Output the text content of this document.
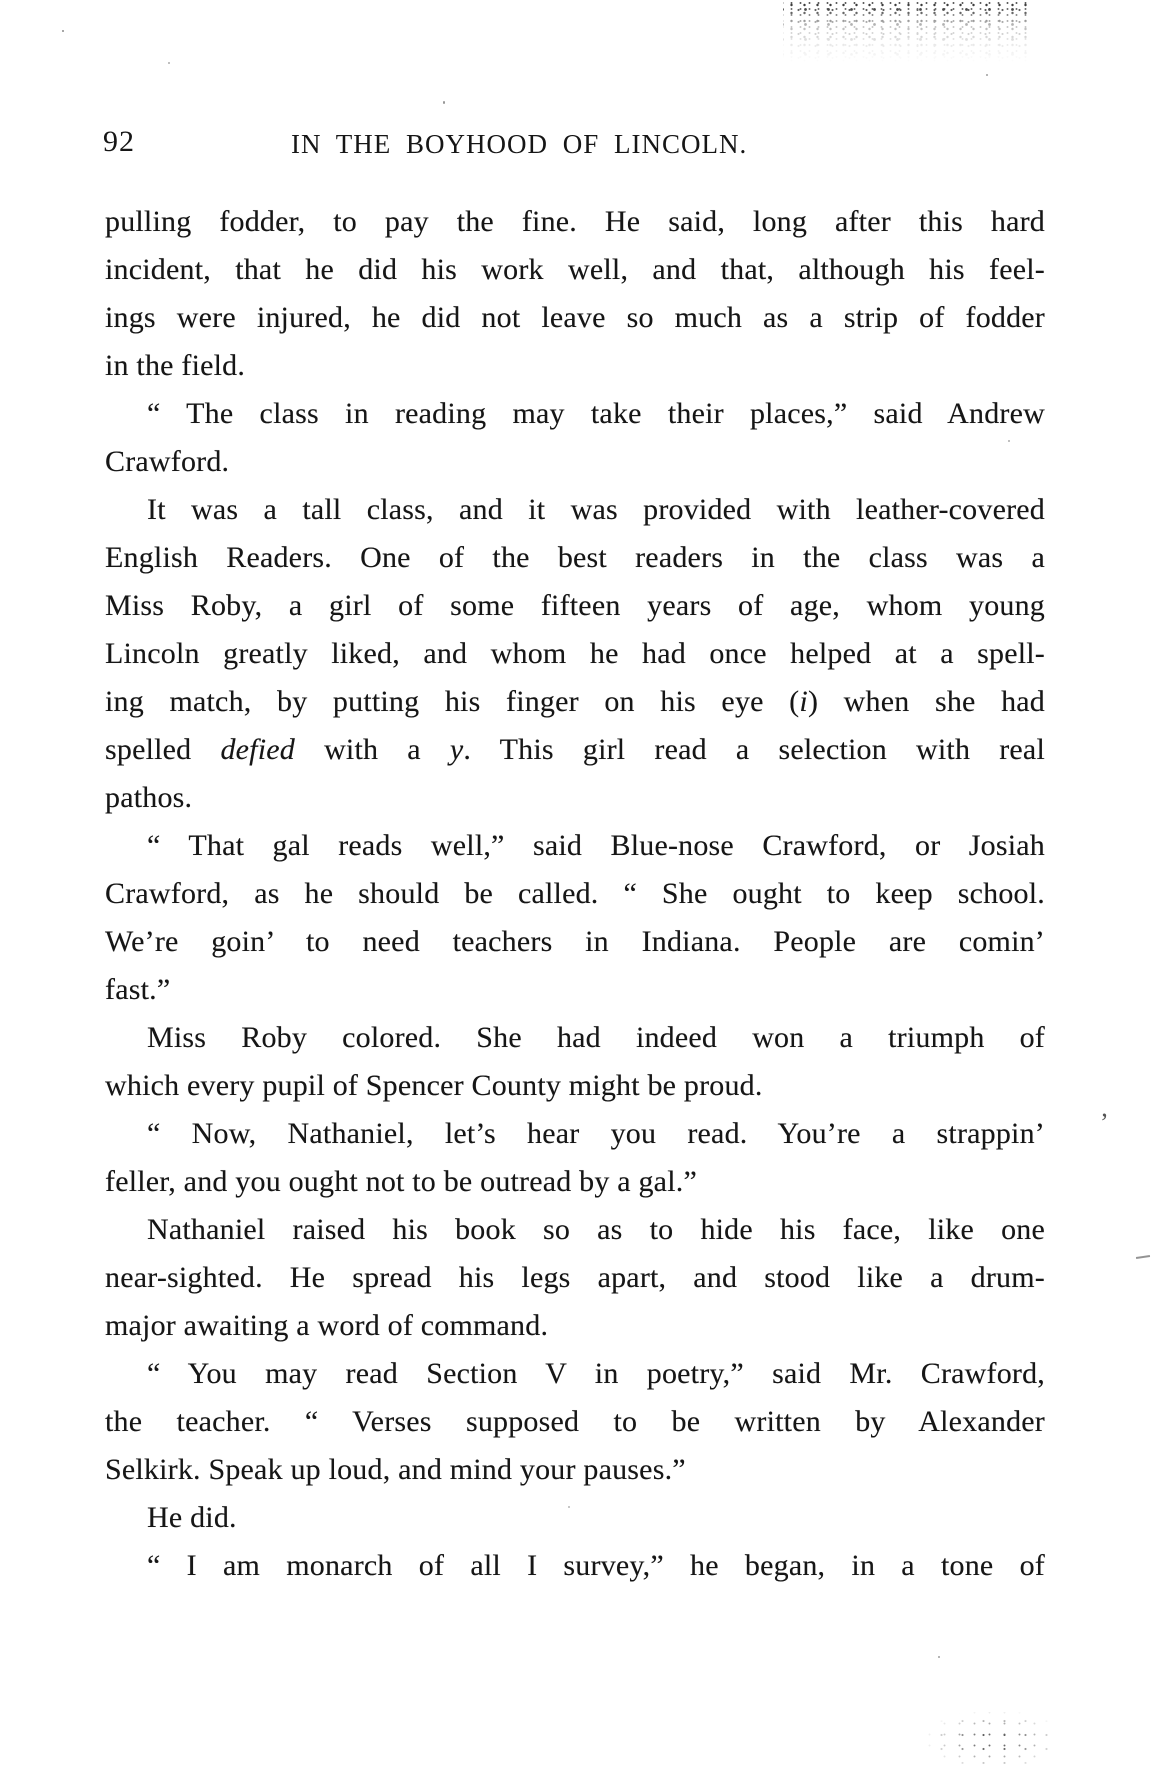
92	IN THE BOYHOOD OF LINCOLN.
pulling fodder, to pay the fine. He said, long after this hard
incident, that he did his work well, and that, although his feel-
ings were injured, he did not leave so much as a strip of fodder
in the field.
“ The class in reading may take their places,” said Andrew
Crawford.
It was a tall class, and it was provided with leather-covered
English Readers. One of the best readers in the class was a
Miss Roby, a girl of some fifteen years of age, whom young
Lincoln greatly liked, and whom he had once helped at a spell-
ing match, by putting his finger on his eye (i) when she had
spelled defied with a y. This girl read a selection with real
pathos.
“ That gal reads well,” said Blue-nose Crawford, or Josiah
Crawford, as he should be called. “ She ought to keep school.
We’re goin’ to need teachers in Indiana. People are comin’
fast.”
Miss Roby colored. She had indeed won a triumph of
which every pupil of Spencer County might be proud.
“ Now, Nathaniel, let’s hear you read. You’re a strappin’
feller, and you ought not to be outread by a gal.”
Nathaniel raised his book so as to hide his face, like one
near-sighted. He spread his legs apart, and stood like a drum-
major awaiting a word of command.
“ You may read Section V in poetry,” said Mr. Crawford,
the teacher. “ Verses supposed to be written by Alexander
Selkirk. Speak up loud, and mind your pauses.”
He did.
“ I am monarch of all I survey,” he began, in a tone of
’
